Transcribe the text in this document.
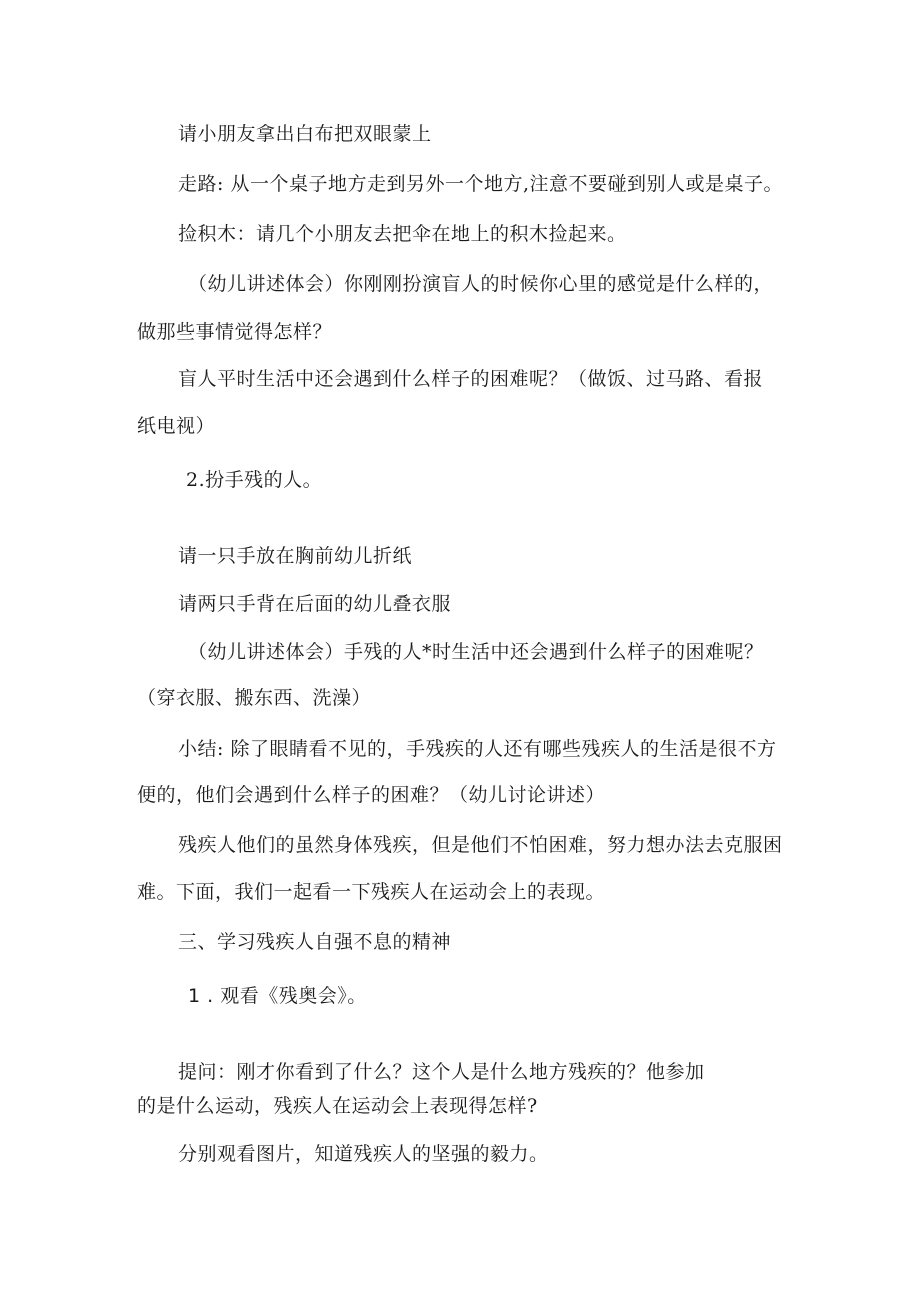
请小朋友拿出白布把双眼蒙上
走路: 从一个桌子地方走到另外一个地方,注意不要碰到别人或是桌子。
捡积木：请几个小朋友去把伞在地上的积木捡起来。
（幼儿讲述体会）你刚刚扮演盲人的时候你心里的感觉是什么样的，
做那些事情觉得怎样？
盲人平时生活中还会遇到什么样子的困难呢？（做饭、过马路、看报
纸电视）
2.扮手残的人。
请一只手放在胸前幼儿折纸
请两只手背在后面的幼儿叠衣服
（幼儿讲述体会）手残的人*时生活中还会遇到什么样子的困难呢？
（穿衣服、搬东西、洗澡）
小结: 除了眼睛看不见的，手残疾的人还有哪些残疾人的生活是很不方
便的，他们会遇到什么样子的困难？（幼儿讨论讲述）
残疾人他们的虽然身体残疾，但是他们不怕困难，努力想办法去克服困
难。下面，我们一起看一下残疾人在运动会上的表现。
三、学习残疾人自强不息的精神
1 . 观看《残奥会》。
提问：刚才你看到了什么？这个人是什么地方残疾的？他参加
的是什么运动，残疾人在运动会上表现得怎样?
分别观看图片，知道残疾人的坚强的毅力。
